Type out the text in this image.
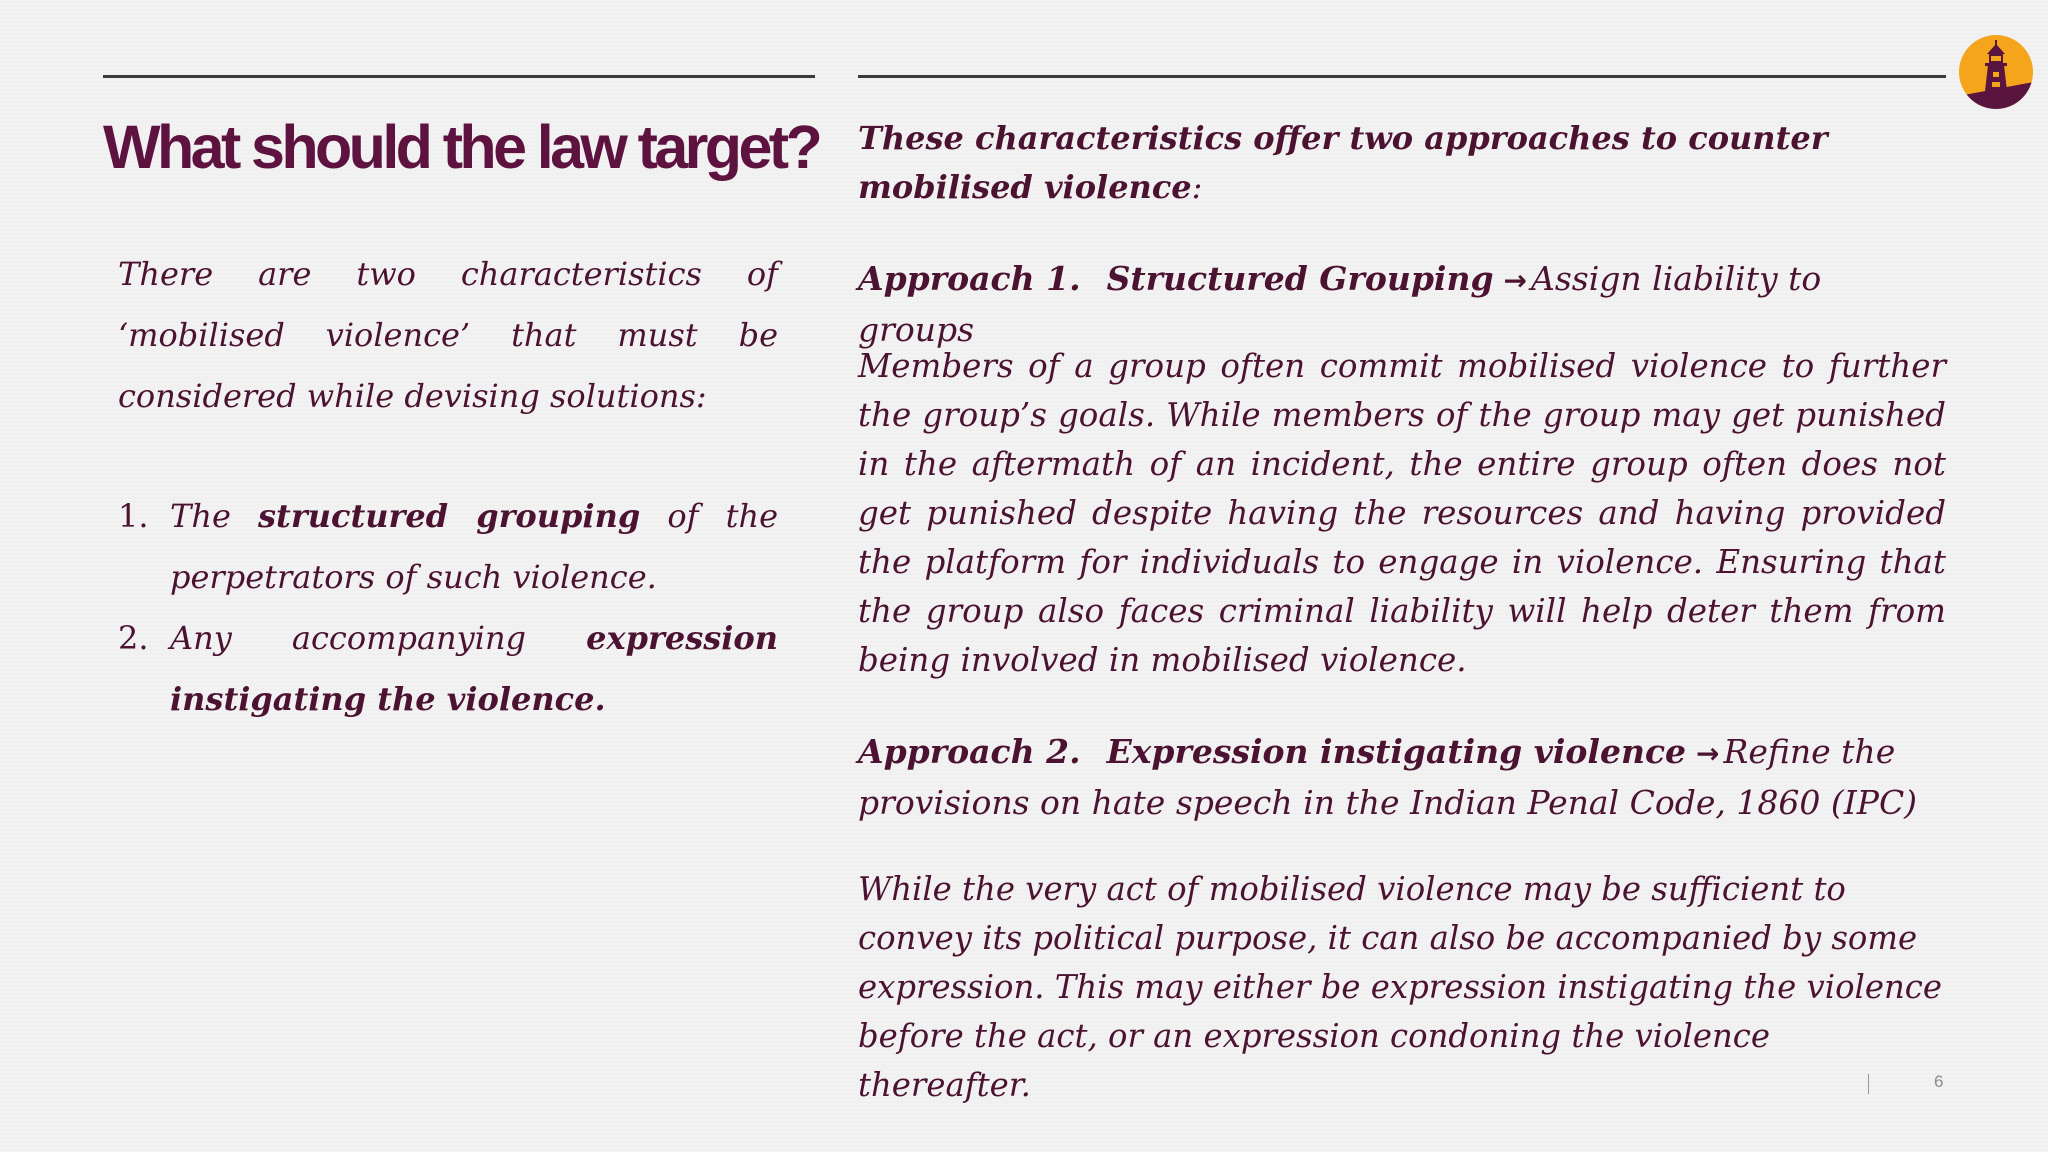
What should the law target?

There are two characteristics of ‘mobilised violence’ that must be considered while devising solutions:

1. The structured grouping of the perpetrators of such violence.
2. Any accompanying expression instigating the violence.

These characteristics offer two approaches to counter mobilised violence:

Approach 1. Structured Grouping → Assign liability to groups

Members of a group often commit mobilised violence to further the group’s goals. While members of the group may get punished in the aftermath of an incident, the entire group often does not get punished despite having the resources and having provided the platform for individuals to engage in violence. Ensuring that the group also faces criminal liability will help deter them from being involved in mobilised violence.

Approach 2. Expression instigating violence → Refine the provisions on hate speech in the Indian Penal Code, 1860 (IPC)

While the very act of mobilised violence may be sufficient to convey its political purpose, it can also be accompanied by some expression. This may either be expression instigating the violence before the act, or an expression condoning the violence thereafter.	6
